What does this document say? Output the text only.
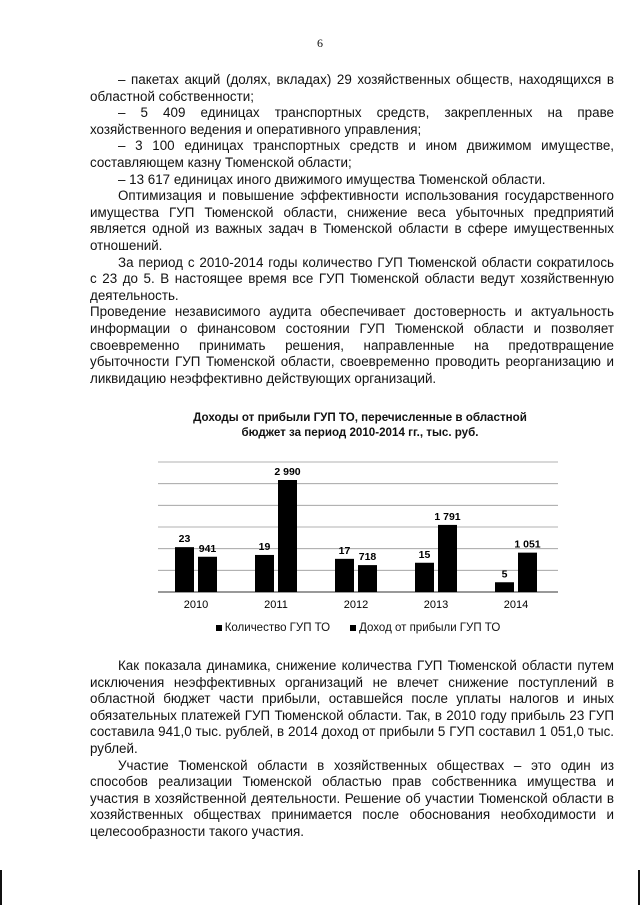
6

– пакетах акций (долях, вкладах) 29 хозяйственных обществ, находящихся в областной собственности;

– 5 409 единицах транспортных средств, закрепленных на праве хозяйственного ведения и оперативного управления;

– 3 100 единицах транспортных средств и ином движимом имуществе, составляющем казну Тюменской области;

– 13 617 единицах иного движимого имущества Тюменской области.

Оптимизация и повышение эффективности использования государственного имущества ГУП Тюменской области, снижение веса убыточных предприятий является одной из важных задач в Тюменской области в сфере имущественных отношений.

За период с 2010-2014 годы количество ГУП Тюменской области сократилось с 23 до 5. В настоящее время все ГУП Тюменской области ведут хозяйственную деятельность.

Проведение независимого аудита обеспечивает достоверность и актуальность информации о финансовом состоянии ГУП Тюменской области и позволяет своевременно принимать решения, направленные на предотвращение убыточности ГУП Тюменской области, своевременно проводить реорганизацию и ликвидацию неэффективно действующих организаций.

Доходы от прибыли ГУП ТО, перечисленные в областной бюджет за период 2010-2014 гг., тыс. руб.
23
941
2010
19
2 990
2011
17
718
2012
15
1 791
2013
5
1 051
2014
Количество ГУП ТО	Доход от прибыли ГУП ТО

Как показала динамика, снижение количества ГУП Тюменской области путем исключения неэффективных организаций не влечет снижение поступлений в областной бюджет части прибыли, оставшейся после уплаты налогов и иных обязательных платежей ГУП Тюменской области. Так, в 2010 году прибыль 23 ГУП составила 941,0 тыс. рублей, в 2014 доход от прибыли 5 ГУП составил 1 051,0 тыс. рублей.

Участие Тюменской области в хозяйственных обществах – это один из способов реализации Тюменской областью прав собственника имущества и участия в хозяйственной деятельности. Решение об участии Тюменской области в хозяйственных обществах принимается после обоснования необходимости и целесообразности такого участия.
